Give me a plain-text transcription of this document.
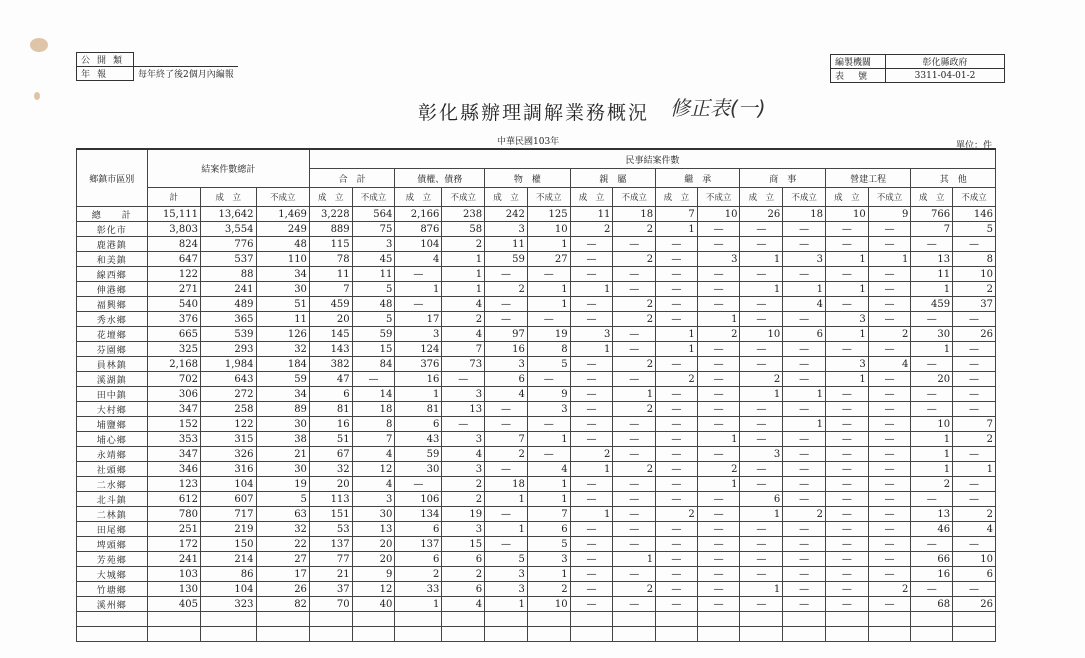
公開類	
年報	每年終了後2個月內編報
編製機關	彰化縣政府
表號	3311-04-01-2
彰化縣辦理調解業務概況 修正表(一)
中華民國103年	單位：件
鄉鎮市區別	結案件數總計			民事結案件數															
				合　計		債權、債務		物　權		親　屬		繼　承		商　事		營建工程		其　他	
	計	成　立	不成立	成　立	不成立	成　立	不成立	成　立	不成立	成　立	不成立	成　立	不成立	成　立	不成立	成　立	不成立	成　立	不成立
總　　計	15,111	13,642	1,469	3,228	564	2,166	238	242	125	11	18	7	10	26	18	10	9	766	146
彰化市	3,803	3,554	249	889	75	876	58	3	10	2	2	1	—	—	—	—	—	7	5
鹿港鎮	824	776	48	115	3	104	2	11	1	—	—	—	—	—	—	—	—	—	—
和美鎮	647	537	110	78	45	4	1	59	27	—	2	—	3	1	3	1	1	13	8
線西鄉	122	88	34	11	11	—	1	—	—	—	—	—	—	—	—	—	—	11	10
伸港鄉	271	241	30	7	5	1	1	2	1	1	—	—	—	1	1	1	—	1	2
福興鄉	540	489	51	459	48	—	4	—	1	—	2	—	—	—	4	—	—	459	37
秀水鄉	376	365	11	20	5	17	2	—	—	—	2	—	1	—	—	3	—	—	—
花壇鄉	665	539	126	145	59	3	4	97	19	3	—	1	2	10	6	1	2	30	26
芬園鄉	325	293	32	143	15	124	7	16	8	1	—	1	—	—	—	—	—	1	—
員林鎮	2,168	1,984	184	382	84	376	73	3	5	—	2	—	—	—	—	3	4	—	—
溪湖鎮	702	643	59	47	—	16	—	6	—	—	—	2	—	2	—	1	—	20	—
田中鎮	306	272	34	6	14	1	3	4	9	—	1	—	—	1	1	—	—	—	—
大村鄉	347	258	89	81	18	81	13	—	3	—	2	—	—	—	—	—	—	—	—
埔鹽鄉	152	122	30	16	8	6	—	—	—	—	—	—	—	—	1	—	—	10	7
埔心鄉	353	315	38	51	7	43	3	7	1	—	—	—	1	—	—	—	—	1	2
永靖鄉	347	326	21	67	4	59	4	2	—	2	—	—	—	3	—	—	—	1	—
社頭鄉	346	316	30	32	12	30	3	—	4	1	2	—	2	—	—	—	—	1	1
二水鄉	123	104	19	20	4	—	2	18	1	—	—	—	1	—	—	—	—	2	—
北斗鎮	612	607	5	113	3	106	2	1	1	—	—	—	—	6	—	—	—	—	—
二林鎮	780	717	63	151	30	134	19	—	7	1	—	2	—	1	2	—	—	13	2
田尾鄉	251	219	32	53	13	6	3	1	6	—	—	—	—	—	—	—	—	46	4
埤頭鄉	172	150	22	137	20	137	15	—	5	—	—	—	—	—	—	—	—	—	—
芳苑鄉	241	214	27	77	20	6	6	5	3	—	1	—	—	—	—	—	—	66	10
大城鄉	103	86	17	21	9	2	2	3	1	—	—	—	—	—	—	—	—	16	6
竹塘鄉	130	104	26	37	12	33	6	3	2	—	2	—	—	1	—	—	2	—	—
溪州鄉	405	323	82	70	40	1	4	1	10	—	—	—	—	—	—	—	—	68	26
